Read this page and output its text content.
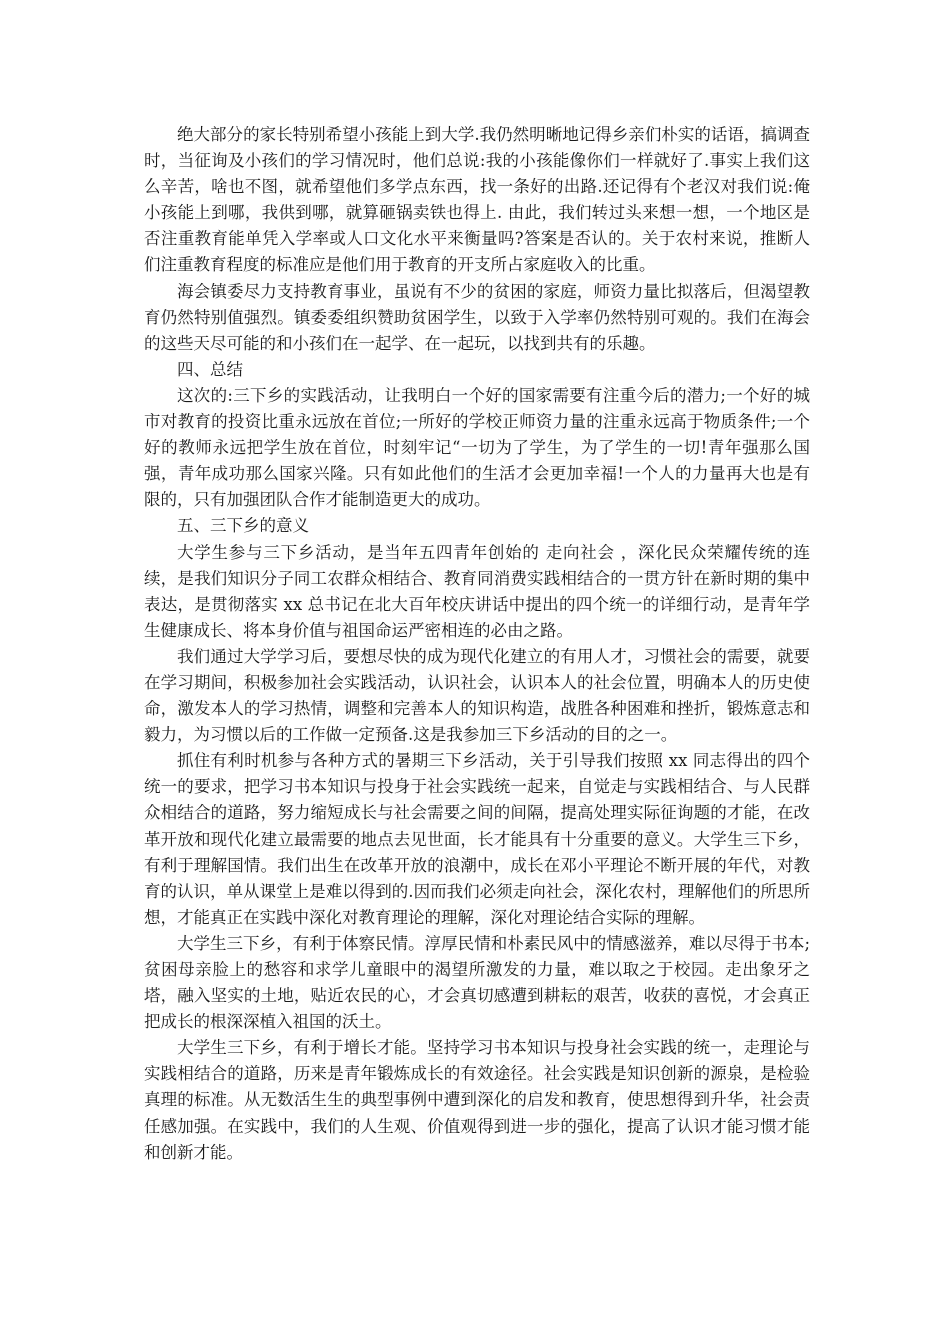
绝大部分的家长特别希望小孩能上到大学.我仍然明晰地记得乡亲们朴实的话语，搞调查时，当征询及小孩们的学习情况时，他们总说:我的小孩能像你们一样就好了.事实上我们这么辛苦，啥也不图，就希望他们多学点东西，找一条好的出路.还记得有个老汉对我们说:俺小孩能上到哪，我供到哪，就算砸锅卖铁也得上. 由此，我们转过头来想一想，一个地区是否注重教育能单凭入学率或人口文化水平来衡量吗?答案是否认的。关于农村来说，推断人们注重教育程度的标准应是他们用于教育的开支所占家庭收入的比重。

海会镇委尽力支持教育事业，虽说有不少的贫困的家庭，师资力量比拟落后，但渴望教育仍然特别值强烈。镇委委组织赞助贫困学生，以致于入学率仍然特别可观的。我们在海会的这些天尽可能的和小孩们在一起学、在一起玩，以找到共有的乐趣。

四、总结

这次的:三下乡的实践活动，让我明白一个好的国家需要有注重今后的潜力;一个好的城市对教育的投资比重永远放在首位;一所好的学校正师资力量的注重永远高于物质条件;一个好的教师永远把学生放在首位，时刻牢记“一切为了学生，为了学生的一切!青年强那么国强，青年成功那么国家兴隆。只有如此他们的生活才会更加幸福!一个人的力量再大也是有限的，只有加强团队合作才能制造更大的成功。

五、三下乡的意义

大学生参与三下乡活动，是当年五四青年创始的 走向社会 ，深化民众荣耀传统的连续，是我们知识分子同工农群众相结合、教育同消费实践相结合的一贯方针在新时期的集中表达，是贯彻落实 xx 总书记在北大百年校庆讲话中提出的四个统一的详细行动，是青年学生健康成长、将本身价值与祖国命运严密相连的必由之路。

我们通过大学学习后，要想尽快的成为现代化建立的有用人才，习惯社会的需要，就要在学习期间，积极参加社会实践活动，认识社会，认识本人的社会位置，明确本人的历史使命，激发本人的学习热情，调整和完善本人的知识构造，战胜各种困难和挫折，锻炼意志和毅力，为习惯以后的工作做一定预备.这是我参加三下乡活动的目的之一。

抓住有利时机参与各种方式的暑期三下乡活动，关于引导我们按照 xx 同志得出的四个统一的要求，把学习书本知识与投身于社会实践统一起来，自觉走与实践相结合、与人民群众相结合的道路，努力缩短成长与社会需要之间的间隔，提高处理实际征询题的才能，在改革开放和现代化建立最需要的地点去见世面，长才能具有十分重要的意义。大学生三下乡，有利于理解国情。我们出生在改革开放的浪潮中，成长在邓小平理论不断开展的年代，对教育的认识，单从课堂上是难以得到的.因而我们必须走向社会，深化农村，理解他们的所思所想，才能真正在实践中深化对教育理论的理解，深化对理论结合实际的理解。

大学生三下乡，有利于体察民情。淳厚民情和朴素民风中的情感滋养，难以尽得于书本;贫困母亲脸上的愁容和求学儿童眼中的渴望所激发的力量，难以取之于校园。走出象牙之塔，融入坚实的土地，贴近农民的心，才会真切感遭到耕耘的艰苦，收获的喜悦，才会真正把成长的根深深植入祖国的沃土。

大学生三下乡，有利于增长才能。坚持学习书本知识与投身社会实践的统一，走理论与实践相结合的道路，历来是青年锻炼成长的有效途径。社会实践是知识创新的源泉，是检验真理的标准。从无数活生生的典型事例中遭到深化的启发和教育，使思想得到升华，社会责任感加强。在实践中，我们的人生观、价值观得到进一步的强化，提高了认识才能习惯才能和创新才能。
